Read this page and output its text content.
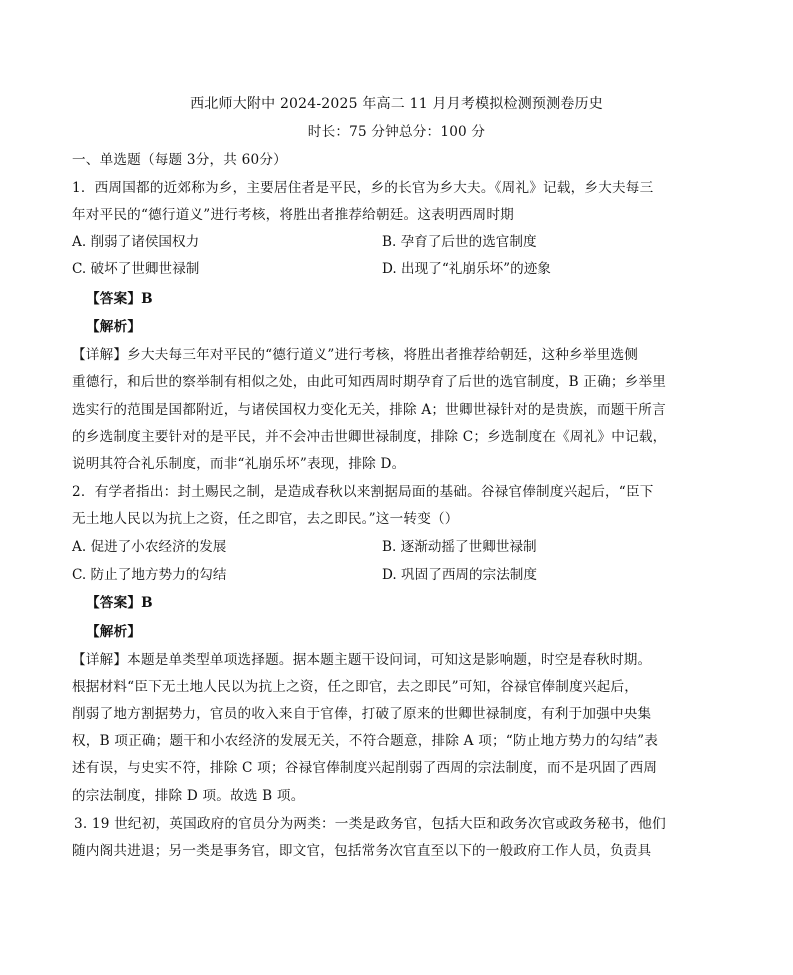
西北师大附中 2024-2025 年高二 11 月月考模拟检测预测卷历史
时长：75 分钟总分：100 分
一、单选题（每题 3分，共 60分）
1．西周国都的近郊称为乡，主要居住者是平民，乡的长官为乡大夫。《周礼》记载，乡大夫每三
年对平民的“德行道义”进行考核，将胜出者推荐给朝廷。这表明西周时期
A. 削弱了诸侯国权力	B. 孕育了后世的选官制度
C. 破坏了世卿世禄制	D. 出现了“礼崩乐坏”的迹象
【答案】B
【解析】
【详解】乡大夫每三年对平民的“德行道义”进行考核，将胜出者推荐给朝廷，这种乡举里选侧
重德行，和后世的察举制有相似之处，由此可知西周时期孕育了后世的选官制度，B 正确；乡举里
选实行的范围是国都附近，与诸侯国权力变化无关，排除 A；世卿世禄针对的是贵族，而题干所言
的乡选制度主要针对的是平民，并不会冲击世卿世禄制度，排除 C；乡选制度在《周礼》中记载，
说明其符合礼乐制度，而非“礼崩乐坏”表现，排除 D。
2．有学者指出：封土赐民之制，是造成春秋以来割据局面的基础。谷禄官俸制度兴起后，“臣下
无土地人民以为抗上之资，任之即官，去之即民。”这一转变（）
A. 促进了小农经济的发展	B. 逐渐动摇了世卿世禄制
C. 防止了地方势力的勾结	D. 巩固了西周的宗法制度
【答案】B
【解析】
【详解】本题是单类型单项选择题。据本题主题干设问词，可知这是影响题，时空是春秋时期。
根据材料“臣下无土地人民以为抗上之资，任之即官，去之即民”可知，谷禄官俸制度兴起后，
削弱了地方割据势力，官员的收入来自于官俸，打破了原来的世卿世禄制度，有利于加强中央集
权，B 项正确；题干和小农经济的发展无关，不符合题意，排除 A 项；“防止地方势力的勾结”表
述有误，与史实不符，排除 C 项；谷禄官俸制度兴起削弱了西周的宗法制度，而不是巩固了西周
的宗法制度，排除 D 项。故选 B 项。
3. 19 世纪初，英国政府的官员分为两类：一类是政务官，包括大臣和政务次官或政务秘书，他们
随内阁共进退；另一类是事务官，即文官，包括常务次官直至以下的一般政府工作人员，负责具
